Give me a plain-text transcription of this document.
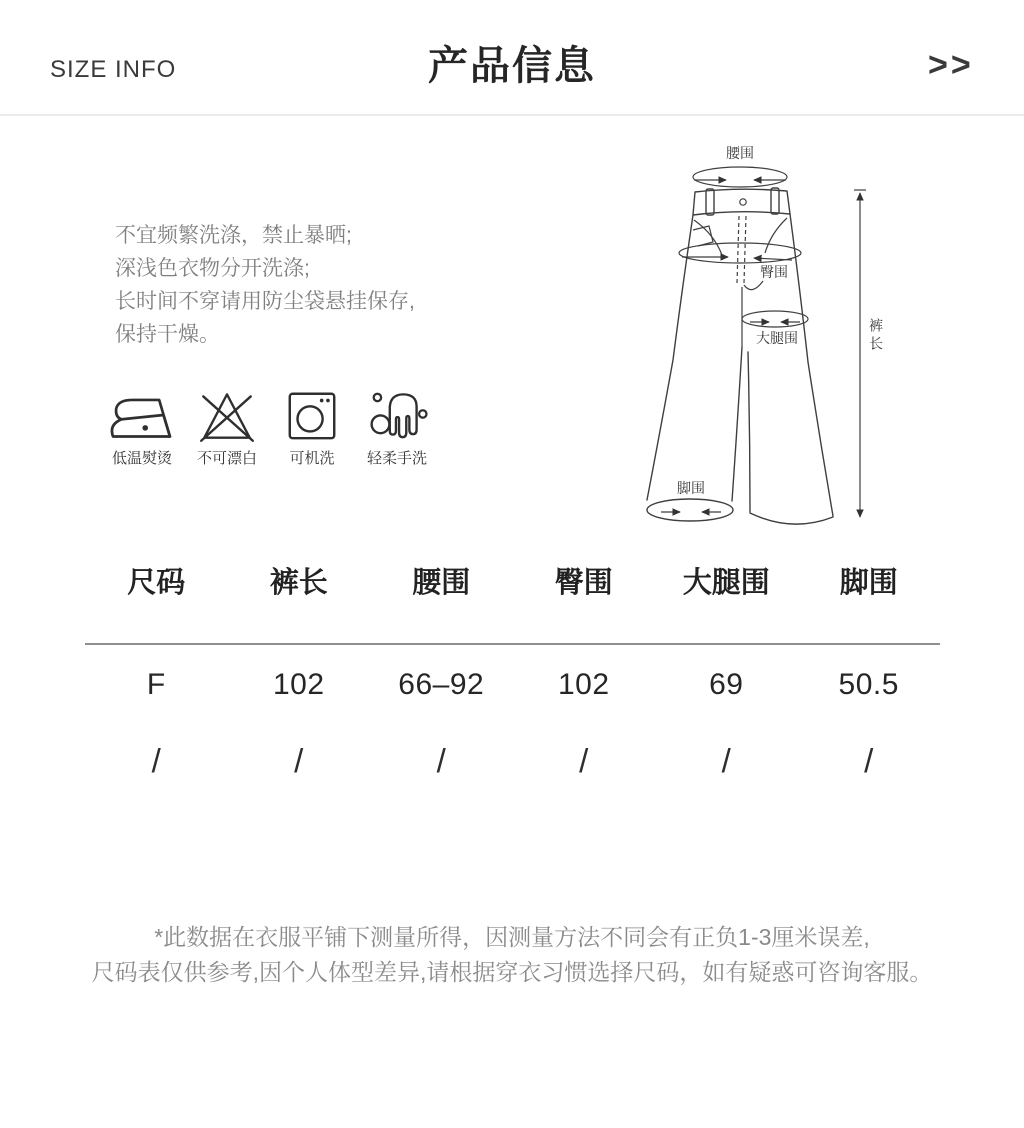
SIZE INFO	产品信息	>>
不宜频繁洗涤，禁止暴晒;
深浅色衣物分开洗涤;
长时间不穿请用防尘袋悬挂保存,
保持干燥。
低温熨烫 不可漂白 可机洗 轻柔手洗
腰围
臀围
大腿围
脚围
裤长
尺码	裤长	腰围	臀围	大腿围	脚围
F	102	66–92	102	69	50.5
/	/	/	/	/	/
*此数据在衣服平铺下测量所得，因测量方法不同会有正负1-3厘米误差,
尺码表仅供参考,因个人体型差异,请根据穿衣习惯选择尺码，如有疑惑可咨询客服。
